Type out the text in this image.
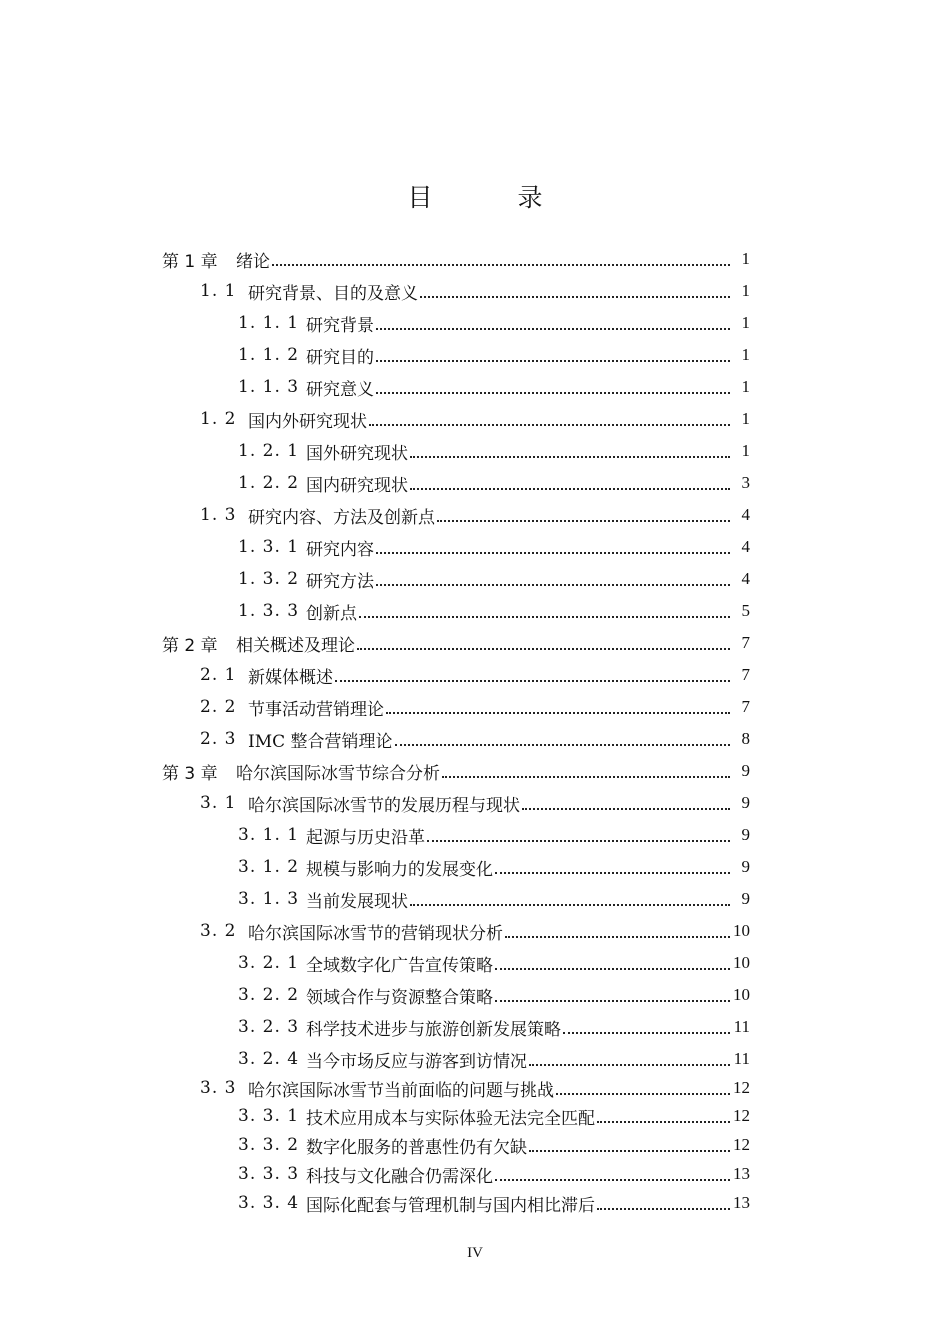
目　录
第 1 章	绪论	1
1. 1 研究背景、目的及意义	1
1. 1. 1 研究背景	1
1. 1. 2 研究目的	1
1. 1. 3 研究意义	1
1. 2 国内外研究现状	1
1. 2. 1 国外研究现状	1
1. 2. 2 国内研究现状	3
1. 3 研究内容、方法及创新点	4
1. 3. 1 研究内容	4
1. 3. 2 研究方法	4
1. 3. 3 创新点	5
第 2 章	相关概述及理论	7
2. 1 新媒体概述	7
2. 2 节事活动营销理论	7
2. 3 IMC 整合营销理论	8
第 3 章	哈尔滨国际冰雪节综合分析	9
3. 1 哈尔滨国际冰雪节的发展历程与现状	9
3. 1. 1 起源与历史沿革	9
3. 1. 2 规模与影响力的发展变化	9
3. 1. 3 当前发展现状	9
3. 2 哈尔滨国际冰雪节的营销现状分析	10
3. 2. 1 全域数字化广告宣传策略	10
3. 2. 2 领域合作与资源整合策略	10
3. 2. 3 科学技术进步与旅游创新发展策略	11
3. 2. 4 当今市场反应与游客到访情况	11
3. 3 哈尔滨国际冰雪节当前面临的问题与挑战	12
3. 3. 1 技术应用成本与实际体验无法完全匹配	12
3. 3. 2 数字化服务的普惠性仍有欠缺	12
3. 3. 3 科技与文化融合仍需深化	13
3. 3. 4 国际化配套与管理机制与国内相比滞后	13
IV
